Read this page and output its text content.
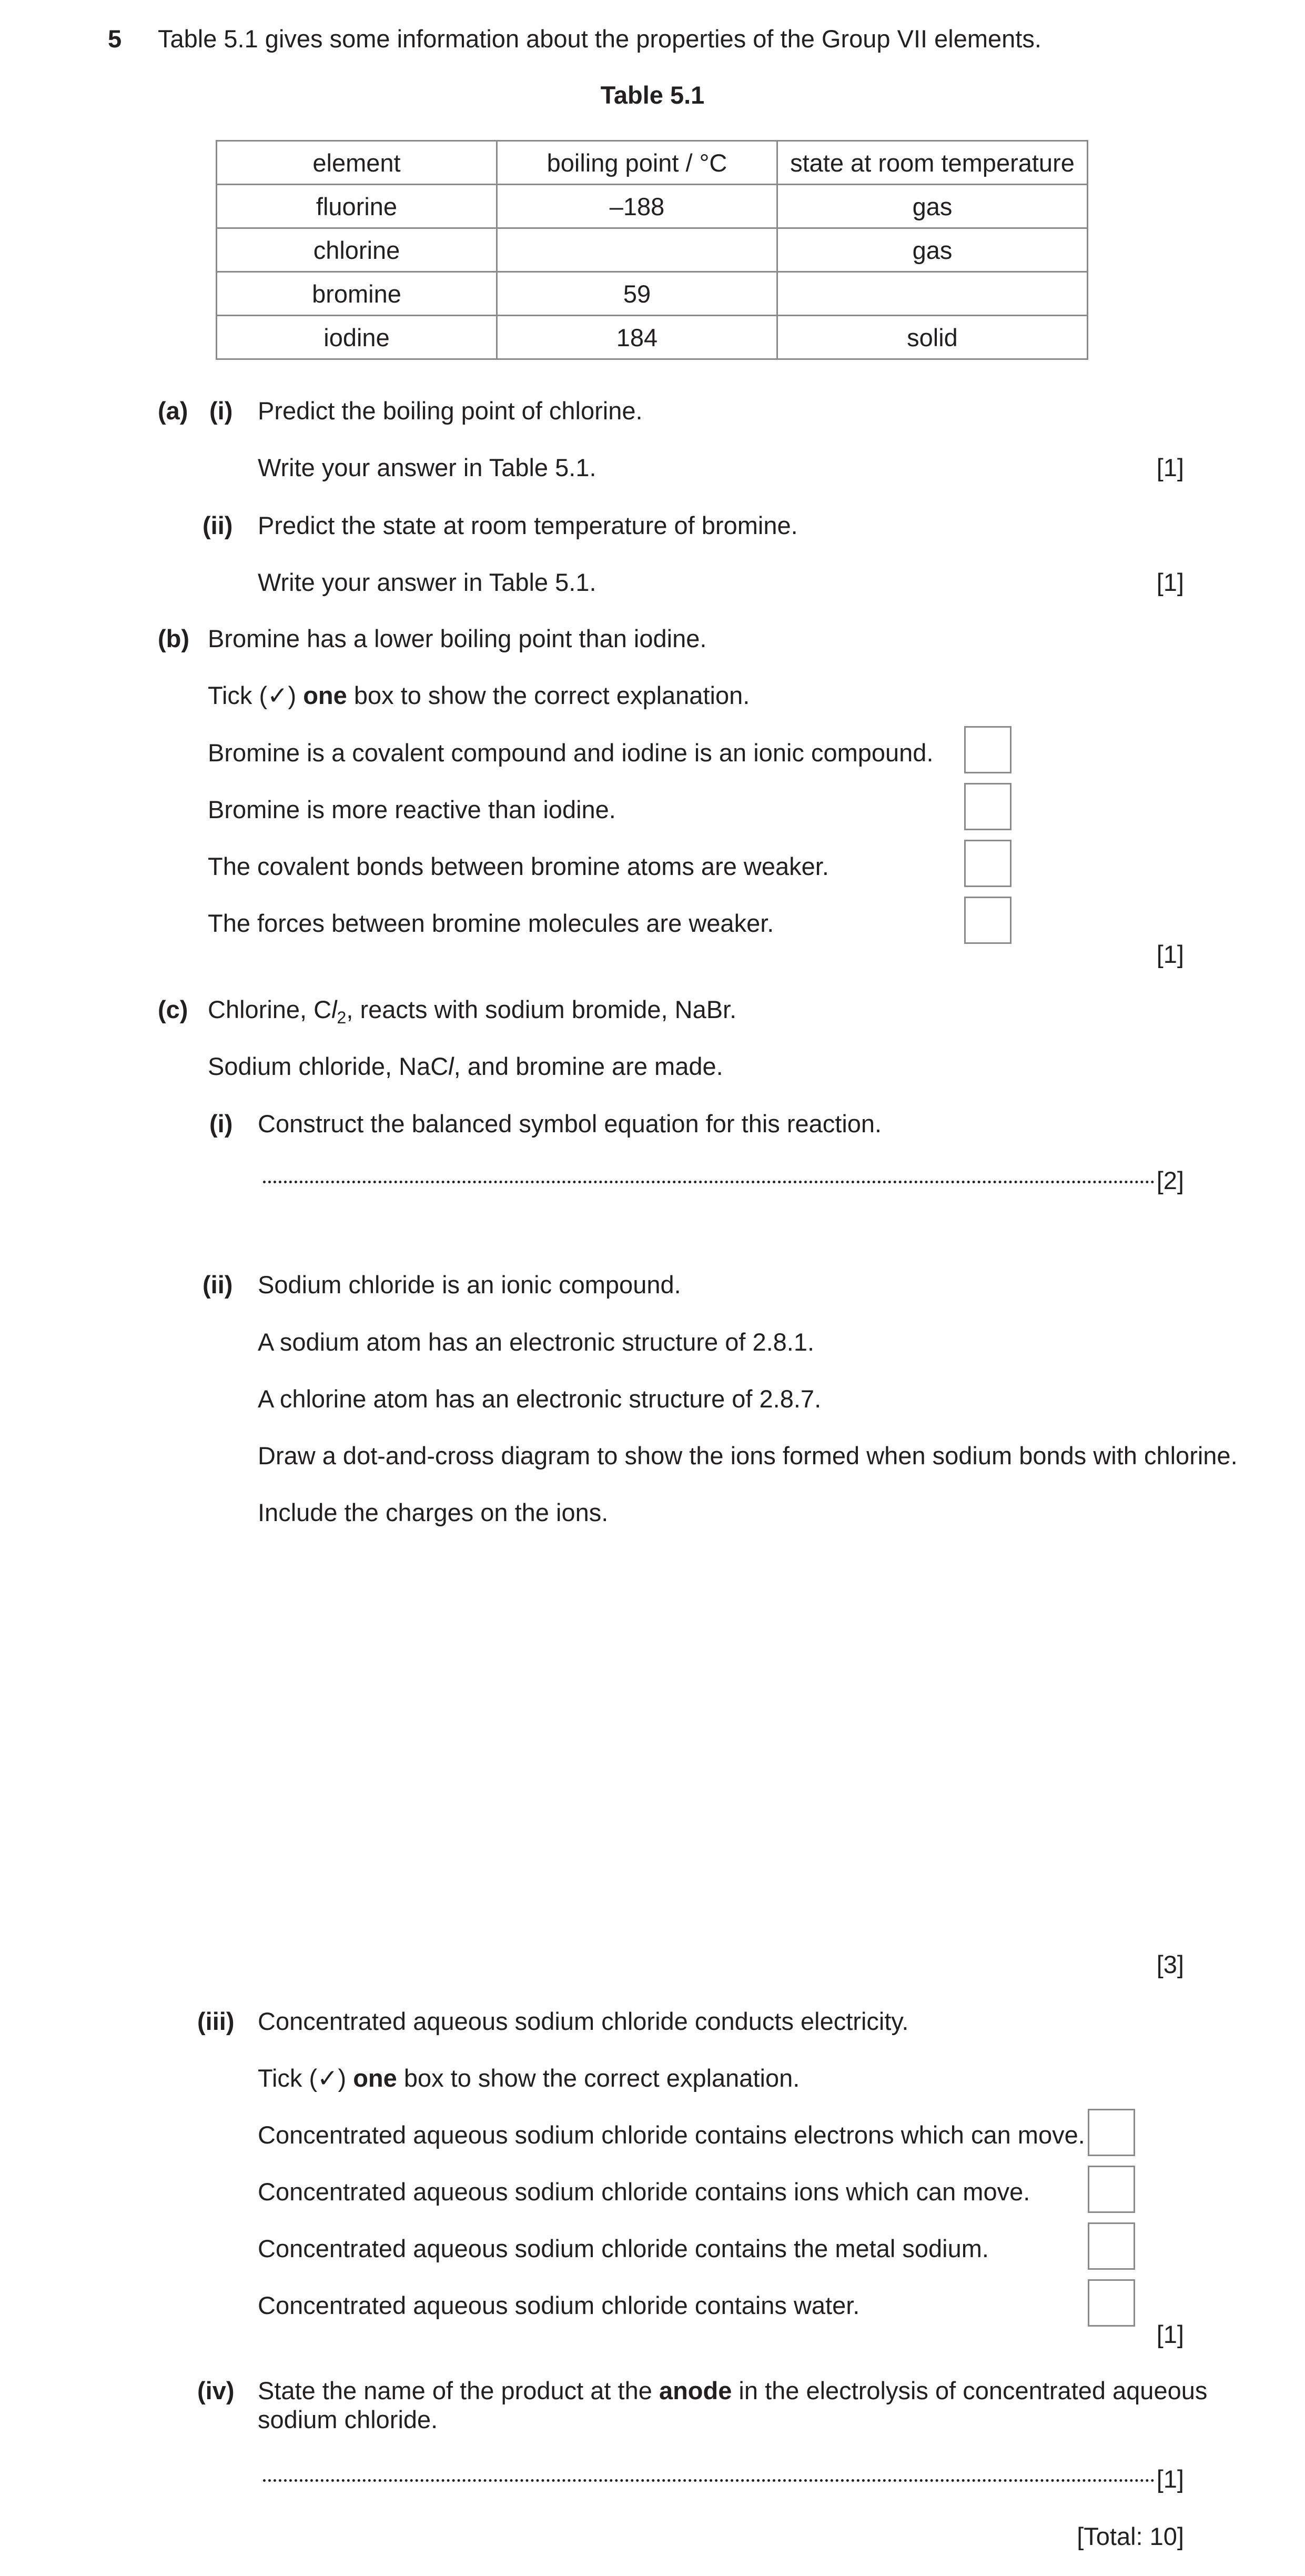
5 Table 5.1 gives some information about the properties of the Group VII elements.
Table 5.1
element	boiling point / °C	state at room temperature
fluorine	–188	gas
chlorine		gas
bromine	59	
iodine	184	solid
(a) (i) Predict the boiling point of chlorine.
Write your answer in Table 5.1.	[1]
(ii) Predict the state at room temperature of bromine.
Write your answer in Table 5.1.	[1]
(b) Bromine has a lower boiling point than iodine.
Tick (✓) one box to show the correct explanation.
Bromine is a covalent compound and iodine is an ionic compound.
Bromine is more reactive than iodine.
The covalent bonds between bromine atoms are weaker.
The forces between bromine molecules are weaker.
[1]
(c) Chlorine, $Cl_2$, reacts with sodium bromide, NaBr.
Sodium chloride, NaCl, and bromine are made.
(i) Construct the balanced symbol equation for this reaction.
[2]
(ii) Sodium chloride is an ionic compound.
A sodium atom has an electronic structure of 2.8.1.
A chlorine atom has an electronic structure of 2.8.7.
Draw a dot-and-cross diagram to show the ions formed when sodium bonds with chlorine.
Include the charges on the ions.
[3]
(iii) Concentrated aqueous sodium chloride conducts electricity.
Tick (✓) one box to show the correct explanation.
Concentrated aqueous sodium chloride contains electrons which can move.
Concentrated aqueous sodium chloride contains ions which can move.
Concentrated aqueous sodium chloride contains the metal sodium.
Concentrated aqueous sodium chloride contains water.
[1]
(iv) State the name of the product at the anode in the electrolysis of concentrated aqueous
sodium chloride.
[1]
[Total: 10]
